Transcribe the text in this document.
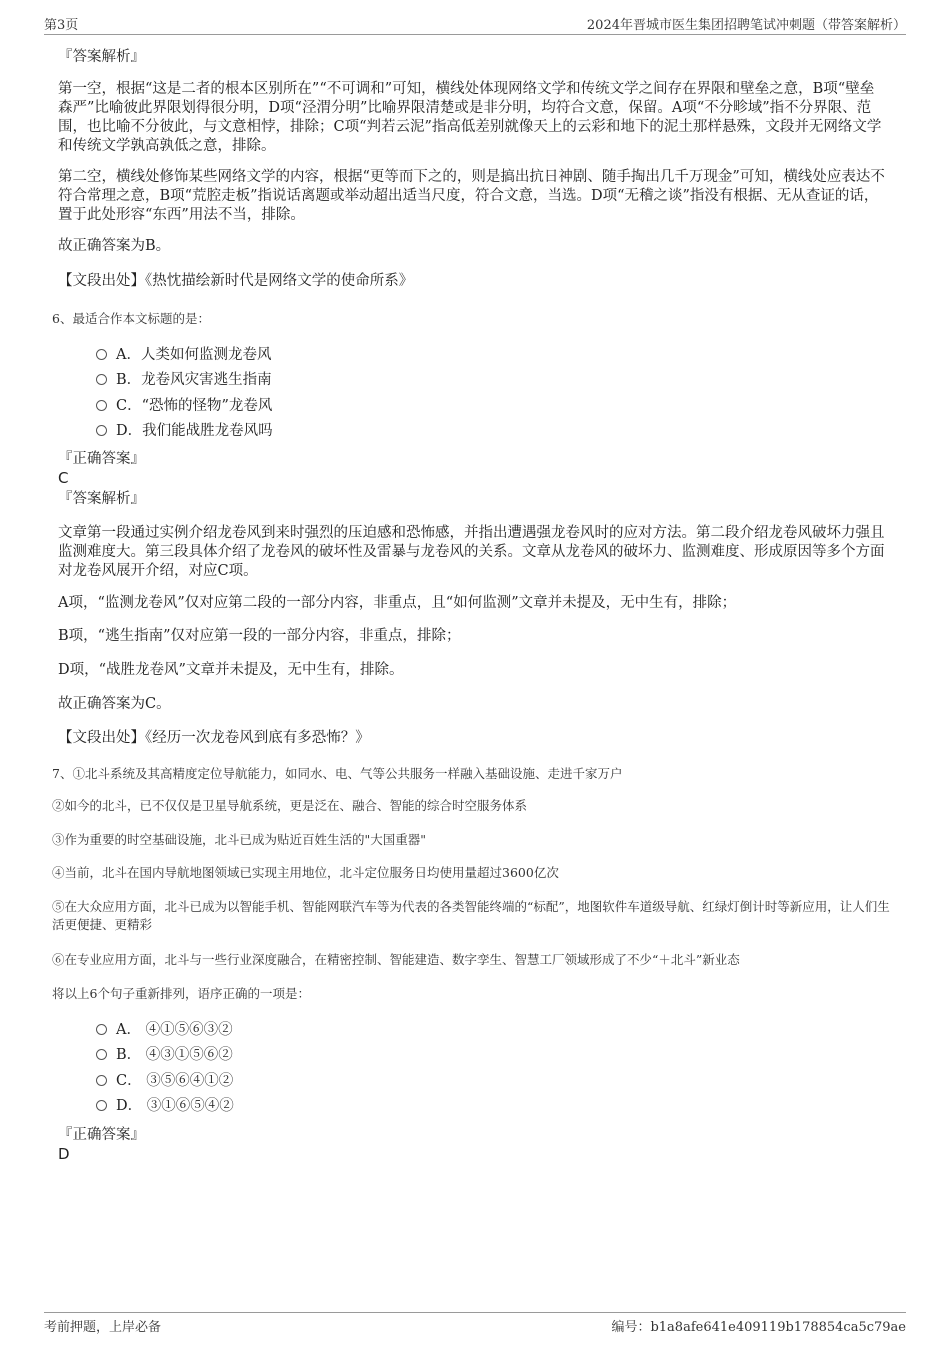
第3页	2024年晋城市医生集团招聘笔试冲刺题（带答案解析）
『答案解析』
第一空，根据“这是二者的根本区别所在”“不可调和”可知，横线处体现网络文学和传统文学之间存在界限和壁垒之意，B项“壁垒森严”比喻彼此界限划得很分明，D项“泾渭分明”比喻界限清楚或是非分明，均符合文意，保留。A项“不分畛域”指不分界限、范围，也比喻不分彼此，与文意相悖，排除；C项“判若云泥”指高低差别就像天上的云彩和地下的泥土那样悬殊，文段并无网络文学和传统文学孰高孰低之意，排除。
第二空，横线处修饰某些网络文学的内容，根据“更等而下之的，则是搞出抗日神剧、随手掏出几千万现金”可知，横线处应表达不符合常理之意，B项“荒腔走板”指说话离题或举动超出适当尺度，符合文意，当选。D项“无稽之谈”指没有根据、无从查证的话，置于此处形容“东西”用法不当，排除。
故正确答案为B。
【文段出处】《热忱描绘新时代是网络文学的使命所系》
6、最适合作本文标题的是：
A．人类如何监测龙卷风
B．龙卷风灾害逃生指南
C．“恐怖的怪物”龙卷风
D．我们能战胜龙卷风吗
『正确答案』
C
『答案解析』
文章第一段通过实例介绍龙卷风到来时强烈的压迫感和恐怖感，并指出遭遇强龙卷风时的应对方法。第二段介绍龙卷风破坏力强且监测难度大。第三段具体介绍了龙卷风的破坏性及雷暴与龙卷风的关系。文章从龙卷风的破坏力、监测难度、形成原因等多个方面对龙卷风展开介绍，对应C项。
A项，“监测龙卷风”仅对应第二段的一部分内容，非重点，且“如何监测”文章并未提及，无中生有，排除；
B项，“逃生指南”仅对应第一段的一部分内容，非重点，排除；
D项，“战胜龙卷风”文章并未提及，无中生有，排除。
故正确答案为C。
【文段出处】《经历一次龙卷风到底有多恐怖？》
7、①北斗系统及其高精度定位导航能力，如同水、电、气等公共服务一样融入基础设施、走进千家万户
②如今的北斗，已不仅仅是卫星导航系统，更是泛在、融合、智能的综合时空服务体系
③作为重要的时空基础设施，北斗已成为贴近百姓生活的"大国重器"
④当前，北斗在国内导航地图领域已实现主用地位，北斗定位服务日均使用量超过3600亿次
⑤在大众应用方面，北斗已成为以智能手机、智能网联汽车等为代表的各类智能终端的“标配”，地图软件车道级导航、红绿灯倒计时等新应用，让人们生活更便捷、更精彩
⑥在专业应用方面，北斗与一些行业深度融合，在精密控制、智能建造、数字孪生、智慧工厂领域形成了不少“＋北斗”新业态
将以上6个句子重新排列，语序正确的一项是：
A． ④①⑤⑥③②
B． ④③①⑤⑥②
C． ③⑤⑥④①②
D． ③①⑥⑤④②
『正确答案』
D
考前押题，上岸必备	编号：b1a8afe641e409119b178854ca5c79ae
